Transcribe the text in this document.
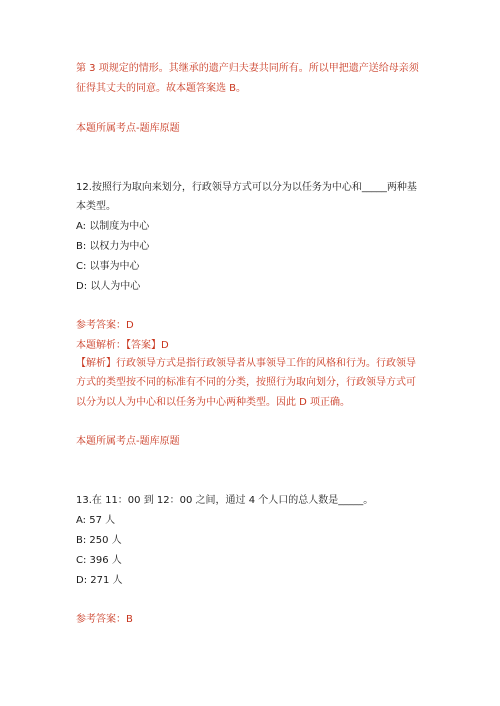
第 3 项规定的情形。其继承的遗产归夫妻共同所有。所以甲把遗产送给母亲须
征得其丈夫的同意。故本题答案选 B。
本题所属考点-题库原题
12.按照行为取向来划分，行政领导方式可以分为以任务为中心和_____两种基
本类型。
A: 以制度为中心
B: 以权力为中心
C: 以事为中心
D: 以人为中心
参考答案：D
本题解析：【答案】D
【解析】行政领导方式是指行政领导者从事领导工作的风格和行为。行政领导
方式的类型按不同的标准有不同的分类，按照行为取向划分，行政领导方式可
以分为以人为中心和以任务为中心两种类型。因此 D 项正确。
本题所属考点-题库原题
13.在 11：00 到 12：00 之间，通过 4 个人口的总人数是_____。
A: 57 人
B: 250 人
C: 396 人
D: 271 人
参考答案：B
